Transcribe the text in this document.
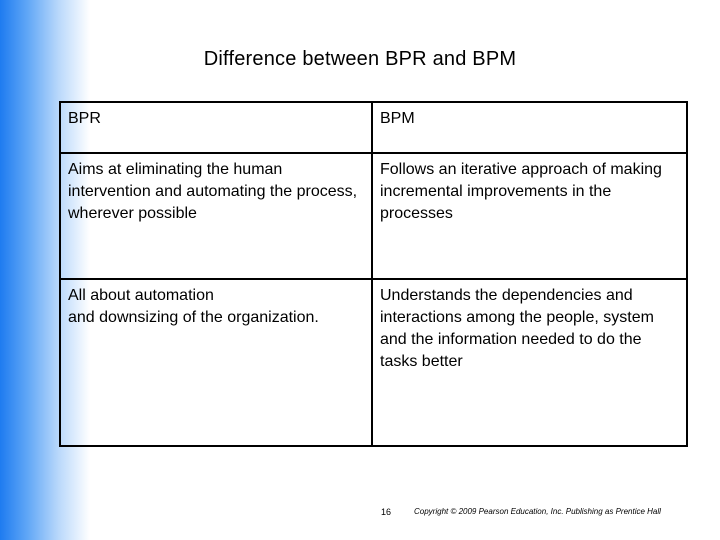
Difference between BPR and BPM
BPR	BPM
Aims at eliminating the human intervention and automating the process, wherever possible	Follows an iterative approach of making incremental improvements in the processes
All about automation
and downsizing of the organization.	Understands the dependencies and interactions among the people, system and the information needed to do the tasks better
16	Copyright © 2009 Pearson Education, Inc. Publishing as Prentice Hall
